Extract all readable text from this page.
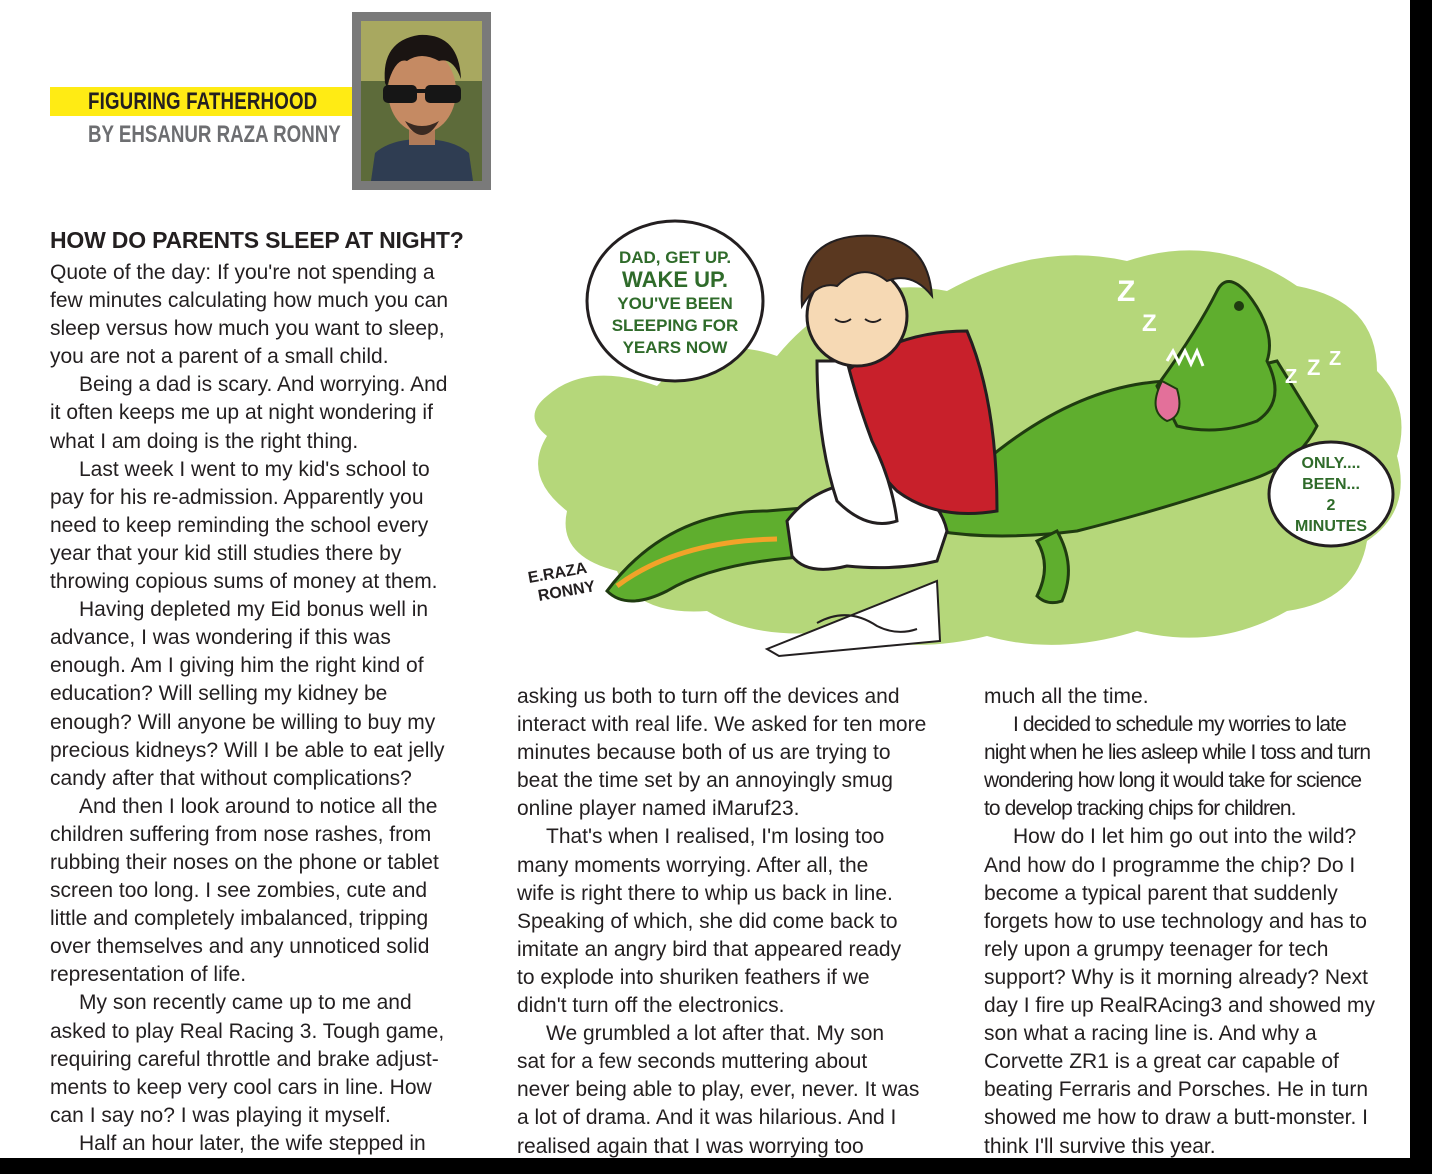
FIGURING FATHERHOOD
BY EHSANUR RAZA RONNY
HOW DO PARENTS SLEEP AT NIGHT?

Quote of the day: If you're not spending a

few minutes calculating how much you can

sleep versus how much you want to sleep,

you are not a parent of a small child.

Being a dad is scary. And worrying. And

it often keeps me up at night wondering if

what I am doing is the right thing.

Last week I went to my kid's school to

pay for his re-admission. Apparently you

need to keep reminding the school every

year that your kid still studies there by

throwing copious sums of money at them.

Having depleted my Eid bonus well in

advance, I was wondering if this was

enough. Am I giving him the right kind of

education? Will selling my kidney be

enough? Will anyone be willing to buy my

precious kidneys? Will I be able to eat jelly

candy after that without complications?

And then I look around to notice all the

children suffering from nose rashes, from

rubbing their noses on the phone or tablet

screen too long. I see zombies, cute and

little and completely imbalanced, tripping

over themselves and any unnoticed solid

representation of life.

My son recently came up to me and

asked to play Real Racing 3. Tough game,

requiring careful throttle and brake adjust-

ments to keep very cool cars in line. How

can I say no? I was playing it myself.

Half an hour later, the wife stepped in

asking us both to turn off the devices and

interact with real life. We asked for ten more

minutes because both of us are trying to

beat the time set by an annoyingly smug

online player named iMaruf23.

That's when I realised, I'm losing too

many moments worrying. After all, the

wife is right there to whip us back in line.

Speaking of which, she did come back to

imitate an angry bird that appeared ready

to explode into shuriken feathers if we

didn't turn off the electronics.

We grumbled a lot after that. My son

sat for a few seconds muttering about

never being able to play, ever, never. It was

a lot of drama. And it was hilarious. And I

realised again that I was worrying too

much all the time.

I decided to schedule my worries to late

night when he lies asleep while I toss and turn

wondering how long it would take for science

to develop tracking chips for children.

How do I let him go out into the wild?

And how do I programme the chip? Do I

become a typical parent that suddenly

forgets how to use technology and has to

rely upon a grumpy teenager for tech

support? Why is it morning already? Next

day I fire up RealRAcing3 and showed my

son what a racing line is. And why a

Corvette ZR1 is a great car capable of

beating Ferraris and Porsches. He in turn

showed me how to draw a butt-monster. I

think I'll survive this year.

DAD, GET UP.
WAKE UP.
YOU'VE BEEN
SLEEPING FOR
YEARS NOW
ONLY....
BEEN...
2
MINUTES
Z
Z
Z
Z Z Z
E.RAZA
RONNY
